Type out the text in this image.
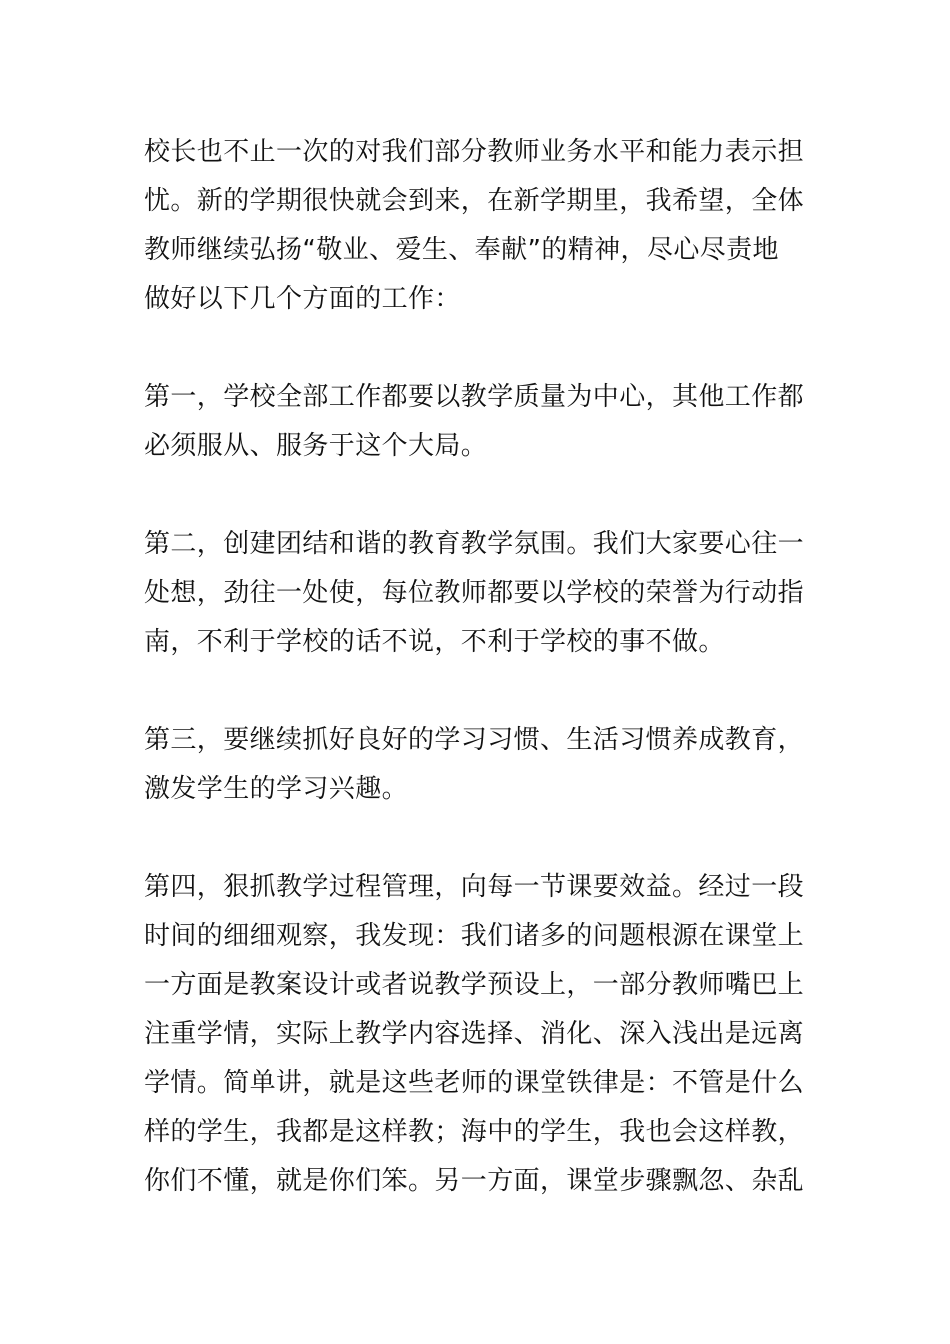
校长也不止一次的对我们部分教师业务水平和能力表示担
忧。新的学期很快就会到来，在新学期里，我希望，全体
教师继续弘扬“敬业、爱生、奉献”的精神，尽心尽责地
做好以下几个方面的工作：

第一，学校全部工作都要以教学质量为中心，其他工作都
必须服从、服务于这个大局。

第二，创建团结和谐的教育教学氛围。我们大家要心往一
处想，劲往一处使，每位教师都要以学校的荣誉为行动指
南，不利于学校的话不说，不利于学校的事不做。

第三，要继续抓好良好的学习习惯、生活习惯养成教育，
激发学生的学习兴趣。

第四，狠抓教学过程管理，向每一节课要效益。经过一段
时间的细细观察，我发现：我们诸多的问题根源在课堂上
一方面是教案设计或者说教学预设上，一部分教师嘴巴上
注重学情，实际上教学内容选择、消化、深入浅出是远离
学情。简单讲，就是这些老师的课堂铁律是：不管是什么
样的学生，我都是这样教；海中的学生，我也会这样教，
你们不懂，就是你们笨。另一方面，课堂步骤飘忽、杂乱
